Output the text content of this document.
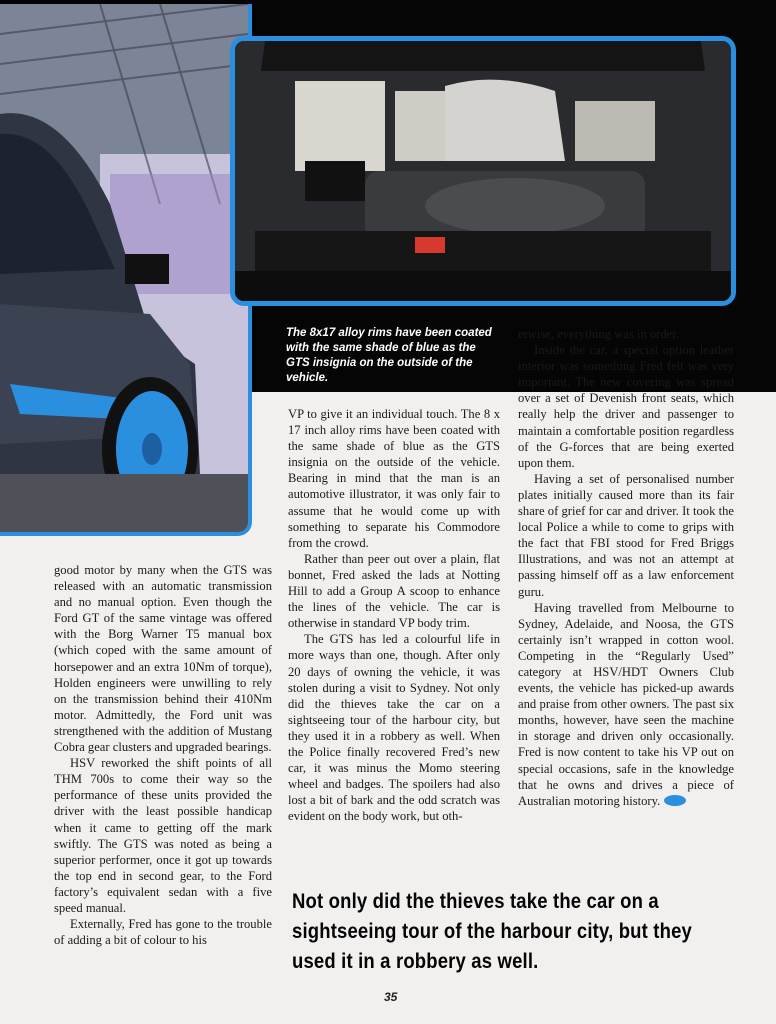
The 8x17 alloy rims have been coated with the same shade of blue as the GTS insignia on the outside of the vehicle.

good motor by many when the GTS was released with an automatic transmission and no manual option. Even though the Ford GT of the same vintage was offered with the Borg Warner T5 manual box (which coped with the same amount of horsepower and an extra 10Nm of torque), Holden engineers were unwilling to rely on the transmission behind their 410Nm motor. Admittedly, the Ford unit was strengthened with the addition of Mustang Cobra gear clusters and upgraded bearings.

HSV reworked the shift points of all THM 700s to come their way so the performance of these units provided the driver with the least possible handicap when it came to getting off the mark swiftly. The GTS was noted as being a superior performer, once it got up towards the top end in second gear, to the Ford factory’s equivalent sedan with a five speed manual.

Externally, Fred has gone to the trouble of adding a bit of colour to his

VP to give it an individual touch. The 8 x 17 inch alloy rims have been coated with the same shade of blue as the GTS insignia on the outside of the vehicle. Bearing in mind that the man is an automotive illustrator, it was only fair to assume that he would come up with something to separate his Commodore from the crowd.

Rather than peer out over a plain, flat bonnet, Fred asked the lads at Notting Hill to add a Group A scoop to enhance the lines of the vehicle. The car is otherwise in standard VP body trim.

The GTS has led a colourful life in more ways than one, though. After only 20 days of owning the vehicle, it was stolen during a visit to Sydney. Not only did the thieves take the car on a sightseeing tour of the harbour city, but they used it in a robbery as well. When the Police finally recovered Fred’s new car, it was minus the Momo steering wheel and badges. The spoilers had also lost a bit of bark and the odd scratch was evident on the body work, but oth-

erwise, everything was in order.

Inside the car, a special option leather interior was something Fred felt was very important. The new covering was spread over a set of Devenish front seats, which really help the driver and passenger to maintain a comfortable position regardless of the G-forces that are being exerted upon them.

Having a set of personalised number plates initially caused more than its fair share of grief for car and driver. It took the local Police a while to come to grips with the fact that FBI stood for Fred Briggs Illustrations, and was not an attempt at passing himself off as a law enforcement guru.

Having travelled from Melbourne to Sydney, Adelaide, and Noosa, the GTS certainly isn’t wrapped in cotton wool. Competing in the “Regularly Used” category at HSV/HDT Owners Club events, the vehicle has picked-up awards and praise from other owners. The past six months, however, have seen the machine in storage and driven only occasionally. Fred is now content to take his VP out on special occasions, safe in the knowledge that he owns and drives a piece of Australian motoring history.

Not only did the thieves take the car on a sightseeing tour of the harbour city, but they used it in a robbery as well.
35
